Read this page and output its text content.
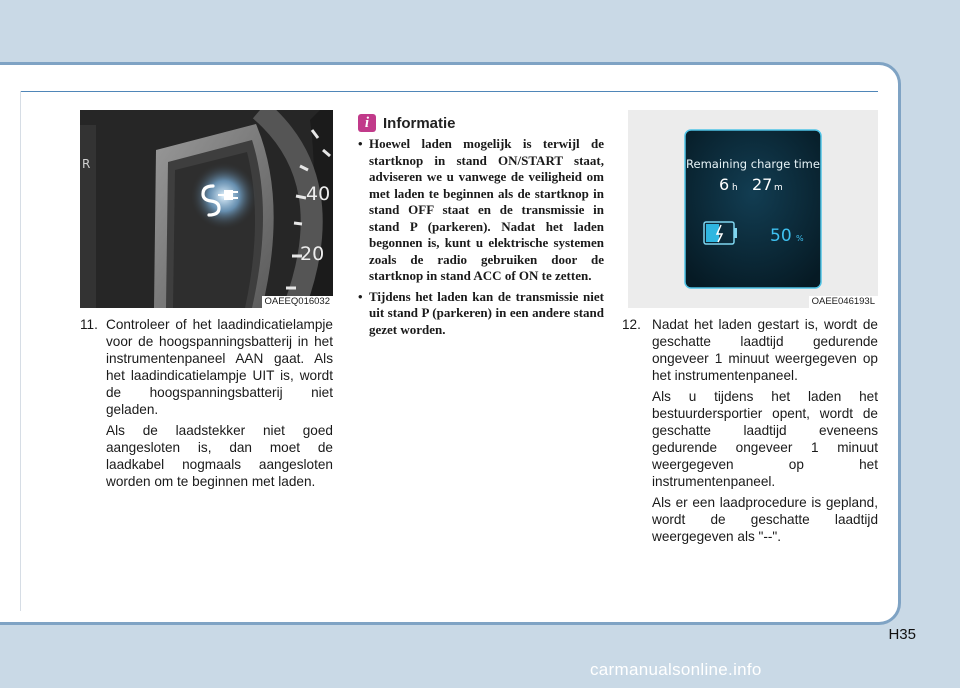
40
20
R
OAEEQ016032
11. Controleer of het laadindicatielampje voor de hoogspanningsbatterij in het instrumentenpaneel AAN gaat. Als het laadindicatielampje UIT is, wordt de hoogspanningsbatterij niet geladen.
Als de laadstekker niet goed aangesloten is, dan moet de laadkabel nogmaals aangesloten worden om te beginnen met laden.
i Informatie
• Hoewel laden mogelijk is terwijl de startknop in stand ON/START staat, adviseren we u vanwege de veiligheid om met laden te beginnen als de startknop in stand OFF staat en de transmissie in stand P (parkeren). Nadat het laden begonnen is, kunt u elektrische systemen zoals de radio gebruiken door de startknop in stand ACC of ON te zetten.
• Tijdens het laden kan de transmissie niet uit stand P (parkeren) in een andere stand gezet worden.
Remaining charge time
6 h 27 m
50 %
OAEE046193L
12. Nadat het laden gestart is, wordt de geschatte laadtijd gedurende ongeveer 1 minuut weergegeven op het instrumentenpaneel.
Als u tijdens het laden het bestuurdersportier opent, wordt de geschatte laadtijd eveneens gedurende ongeveer 1 minuut weergegeven op het instrumentenpaneel.
Als er een laadprocedure is gepland, wordt de geschatte laadtijd weergegeven als "--".
H35
carmanualsonline.info
